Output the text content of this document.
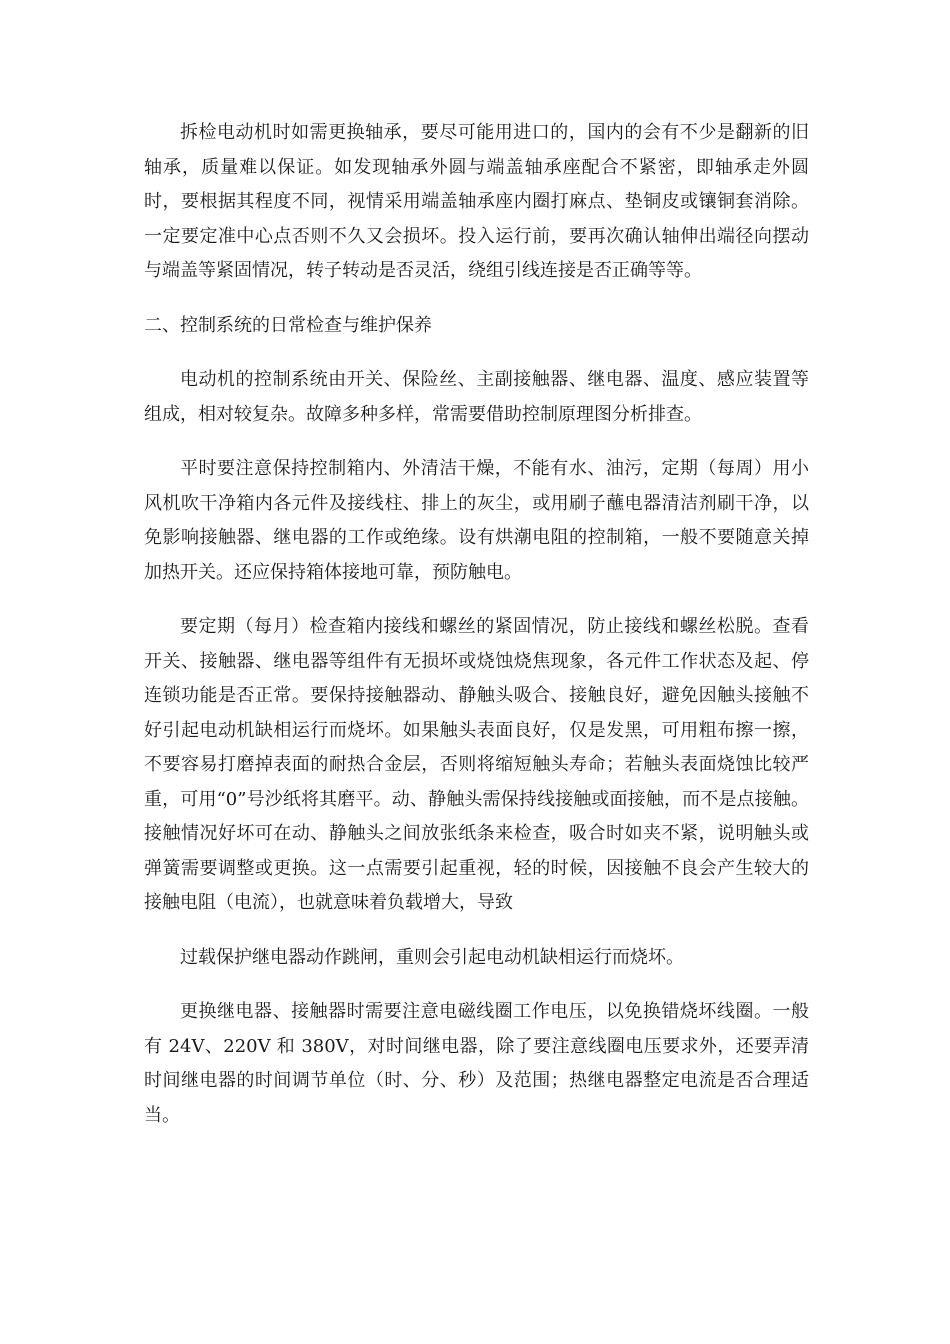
拆检电动机时如需更换轴承，要尽可能用进口的，国内的会有不少是翻新的旧轴承，质量难以保证。如发现轴承外圆与端盖轴承座配合不紧密，即轴承走外圆时，要根据其程度不同，视情采用端盖轴承座内圈打麻点、垫铜皮或镶铜套消除。一定要定准中心点否则不久又会损坏。投入运行前，要再次确认轴伸出端径向摆动与端盖等紧固情况，转子转动是否灵活，绕组引线连接是否正确等等。

二、控制系统的日常检查与维护保养

电动机的控制系统由开关、保险丝、主副接触器、继电器、温度、感应装置等组成，相对较复杂。故障多种多样，常需要借助控制原理图分析排查。

平时要注意保持控制箱内、外清洁干燥，不能有水、油污，定期（每周）用小风机吹干净箱内各元件及接线柱、排上的灰尘，或用刷子蘸电器清洁剂刷干净，以免影响接触器、继电器的工作或绝缘。设有烘潮电阻的控制箱，一般不要随意关掉加热开关。还应保持箱体接地可靠，预防触电。

要定期（每月）检查箱内接线和螺丝的紧固情况，防止接线和螺丝松脱。查看开关、接触器、继电器等组件有无损坏或烧蚀烧焦现象，各元件工作状态及起、停连锁功能是否正常。要保持接触器动、静触头吸合、接触良好，避免因触头接触不好引起电动机缺相运行而烧坏。如果触头表面良好，仅是发黑，可用粗布擦一擦，不要容易打磨掉表面的耐热合金层，否则将缩短触头寿命；若触头表面烧蚀比较严重，可用“0”号沙纸将其磨平。动、静触头需保持线接触或面接触，而不是点接触。接触情况好坏可在动、静触头之间放张纸条来检查，吸合时如夹不紧，说明触头或弹簧需要调整或更换。这一点需要引起重视，轻的时候，因接触不良会产生较大的接触电阻（电流），也就意味着负载增大，导致

过载保护继电器动作跳闸，重则会引起电动机缺相运行而烧坏。

更换继电器、接触器时需要注意电磁线圈工作电压，以免换错烧坏线圈。一般有 24V、220V 和 380V，对时间继电器，除了要注意线圈电压要求外，还要弄清时间继电器的时间调节单位（时、分、秒）及范围；热继电器整定电流是否合理适当。
